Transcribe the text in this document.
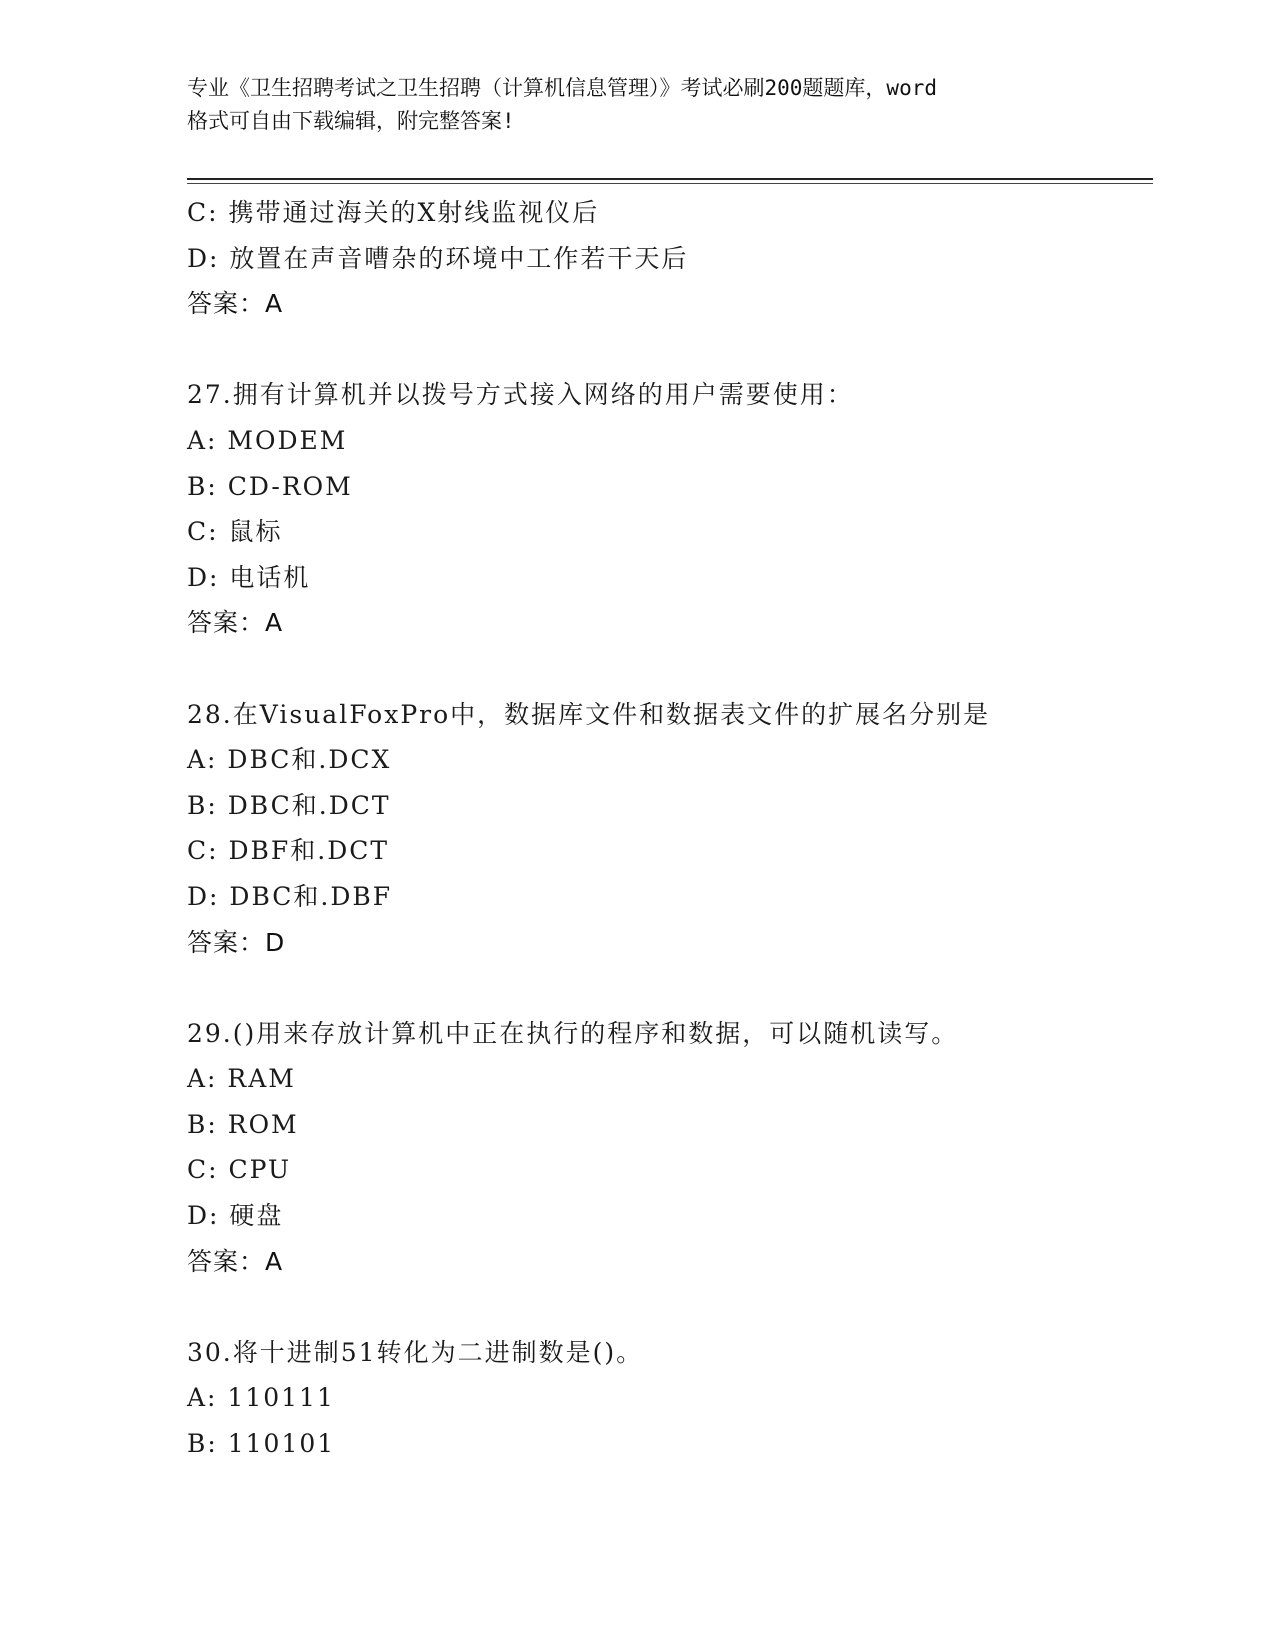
专业《卫生招聘考试之卫生招聘（计算机信息管理）》考试必刷200题题库，word
格式可自由下载编辑，附完整答案!
C: 携带通过海关的X射线监视仪后
D: 放置在声音嘈杂的环境中工作若干天后
答案：A
27.拥有计算机并以拨号方式接入网络的用户需要使用：
A: MODEM
B: CD-ROM
C: 鼠标
D: 电话机
答案：A
28.在VisualFoxPro中，数据库文件和数据表文件的扩展名分别是
A: DBC和.DCX
B: DBC和.DCT
C: DBF和.DCT
D: DBC和.DBF
答案：D
29.()用来存放计算机中正在执行的程序和数据，可以随机读写。
A: RAM
B: ROM
C: CPU
D: 硬盘
答案：A
30.将十进制51转化为二进制数是()。
A: 110111
B: 110101
